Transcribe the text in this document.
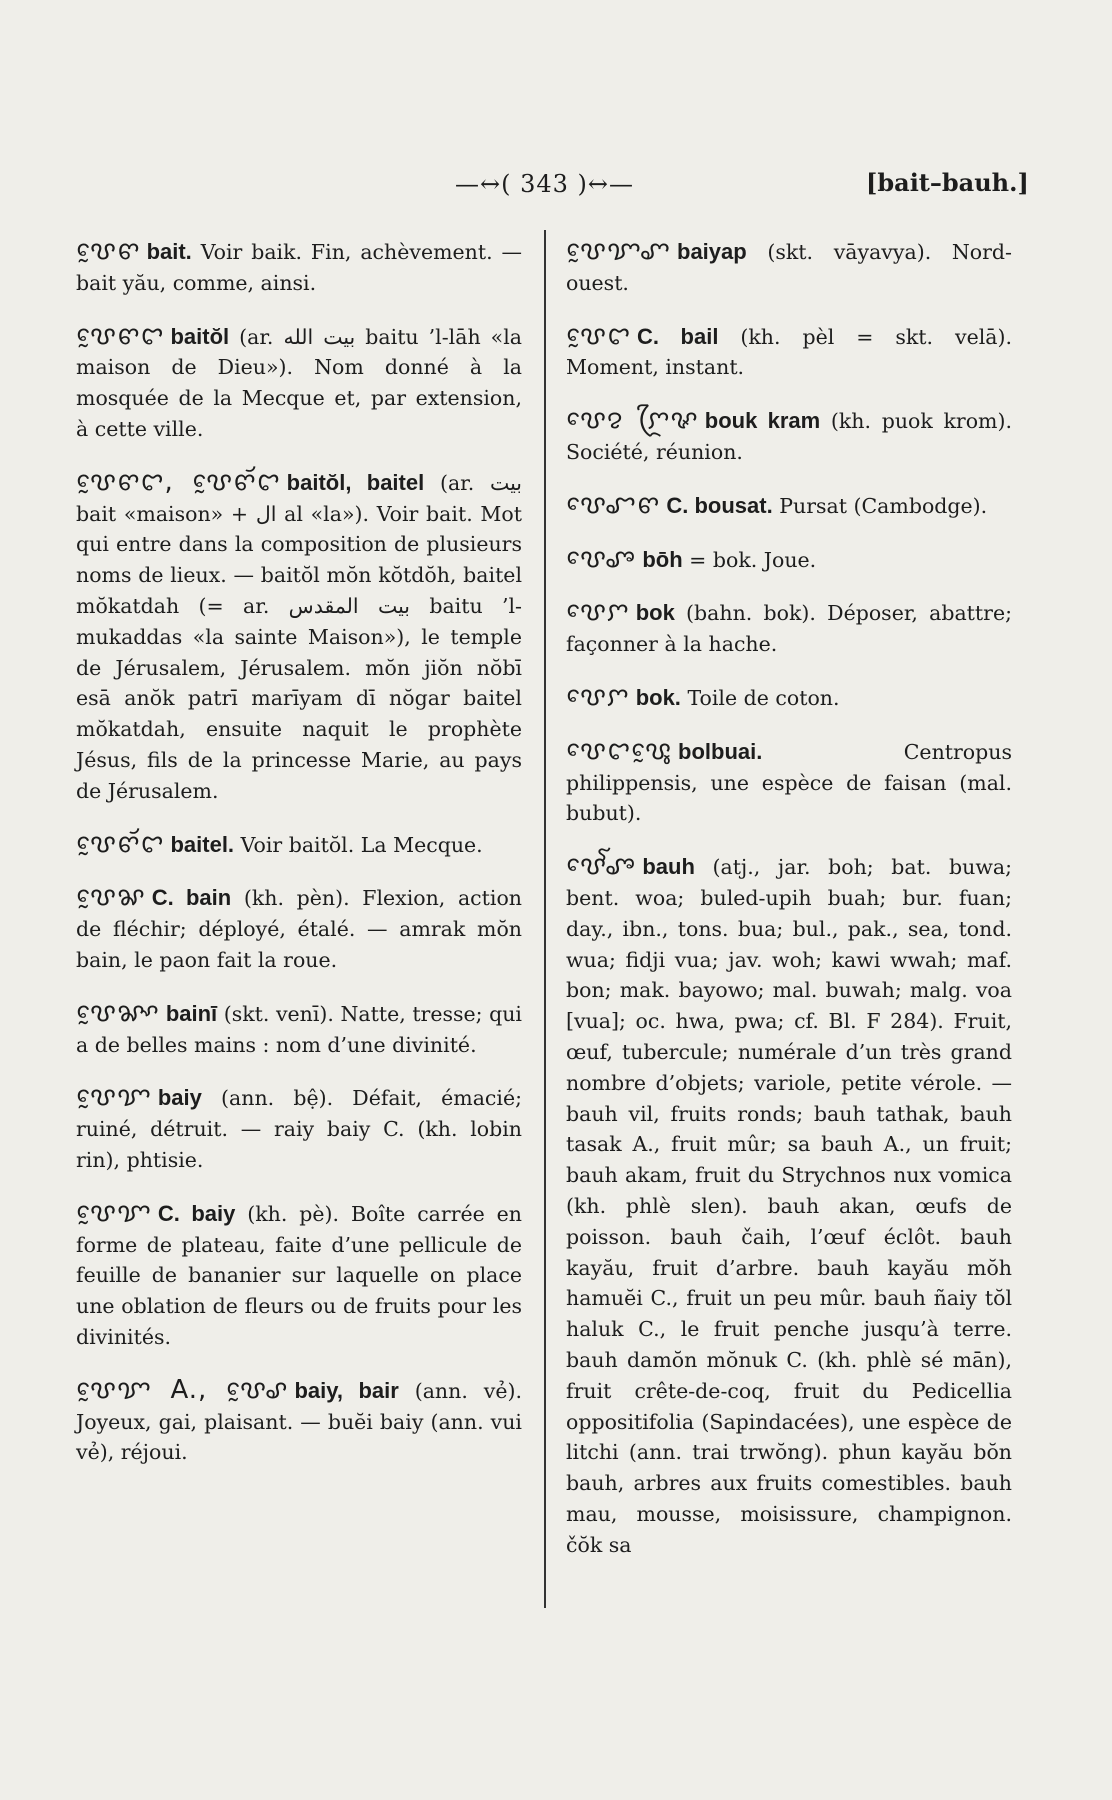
—↔( 343 )↔—	[bait–bauh.]

ꨝꨰꨓ bait. Voir baik. Fin, achèvement. — bait yău, comme, ainsi.

ꨝꨰꨓꨤ baitŏl (ar. بيت الله baitu ’l-lāh «la maison de Dieu»). Nom donné à la mosquée de la Mecque et, par extension, à cette ville.

ꨝꨰꨓꨤ, ꨝꨰꨓꨮꨤ baitŏl, baitel (ar. بيت bait «maison» + ال al «la»). Voir bait. Mot qui entre dans la composition de plusieurs noms de lieux. — baitŏl mŏn kŏtdŏh, baitel mŏkatdah (= ar. بيت المقدس baitu ’l-mukaddas «la sainte Maison»), le temple de Jérusalem, Jérusalem. mŏn jiŏn nŏbī esā anŏk patrī marīyam dī nŏgar baitel mŏkatdah, ensuite naquit le prophète Jésus, fils de la princesse Marie, au pays de Jérusalem.

ꨝꨰꨓꨮꨤ baitel. Voir baitŏl. La Mecque.

ꨝꨰꨗ C. bain (kh. pèn). Flexion, action de fléchir; déployé, étalé. — amrak mŏn bain, le paon fait la roue.

ꨝꨰꨗꨳ bainī (skt. venī). Natte, tresse; qui a de belles mains : nom d’une divinité.

ꨝꨰꨢ baiy (ann. bệ). Défait, émacié; ruiné, détruit. — raiy baiy C. (kh. lobin rin), phtisie.

ꨝꨰꨢ C. baiy (kh. pè). Boîte carrée en forme de plateau, faite d’une pellicule de feuille de bananier sur laquelle on place une oblation de fleurs ou de fruits pour les divinités.

ꨝꨰꨢ A., ꨝꨰꨣ baiy, bair (ann. vẻ). Joyeux, gai, plaisant. — buĕi baiy (ann. vui vẻ), réjoui.

ꨝꨰꨢꨚ baiyap (skt. vāyavya). Nord-ouest.

ꨝꨰꨤ C. bail (kh. pèl = skt. velā). Moment, instant.

ꨝꨯꨂ ꨆꨴꨟ bouk kram (kh. puok krom). Société, réunion.

ꨝꨯꨧꨓ C. bousat. Pursat (Cambodge).

ꨝꨯꨨ bōh = bok. Joue.

ꨝꨯꨆ bok (bahn. bok). Déposer, abattre; façonner à la hache.

ꨝꨯꨆ bok. Toile de coton.

ꨝꨯꨤꨝꨶꨰ bolbuai. Centropus philippensis, une espèce de faisan (mal. bubut).

ꨝꨯꨱꨨ bauh (atj., jar. boh; bat. buwa; bent. woa; buled-upih buah; bur. fuan; day., ibn., tons. bua; bul., pak., sea, tond. wua; fidji vua; jav. woh; kawi wwah; maf. bon; mak. bayowo; mal. buwah; malg. voa [vua]; oc. hwa, pwa; cf. Bl. F 284). Fruit, œuf, tubercule; numérale d’un très grand nombre d’objets; variole, petite vérole. — bauh vil, fruits ronds; bauh tathak, bauh tasak A., fruit mûr; sa bauh A., un fruit; bauh akam, fruit du Strychnos nux vomica (kh. phlè slen). bauh akan, œufs de poisson. bauh čaih, l’œuf éclôt. bauh kayău, fruit d’arbre. bauh kayău mŏh hamuĕi C., fruit un peu mûr. bauh ñaiy tŏl haluk C., le fruit penche jusqu’à terre. bauh damŏn mŏnuk C. (kh. phlè sé mān), fruit crête-de-coq, fruit du Pedicellia oppositifolia (Sapindacées), une espèce de litchi (ann. trai trwŏng). phun kayău bŏn bauh, arbres aux fruits comestibles. bauh mau, mousse, moisissure, champignon. čŏk sa
